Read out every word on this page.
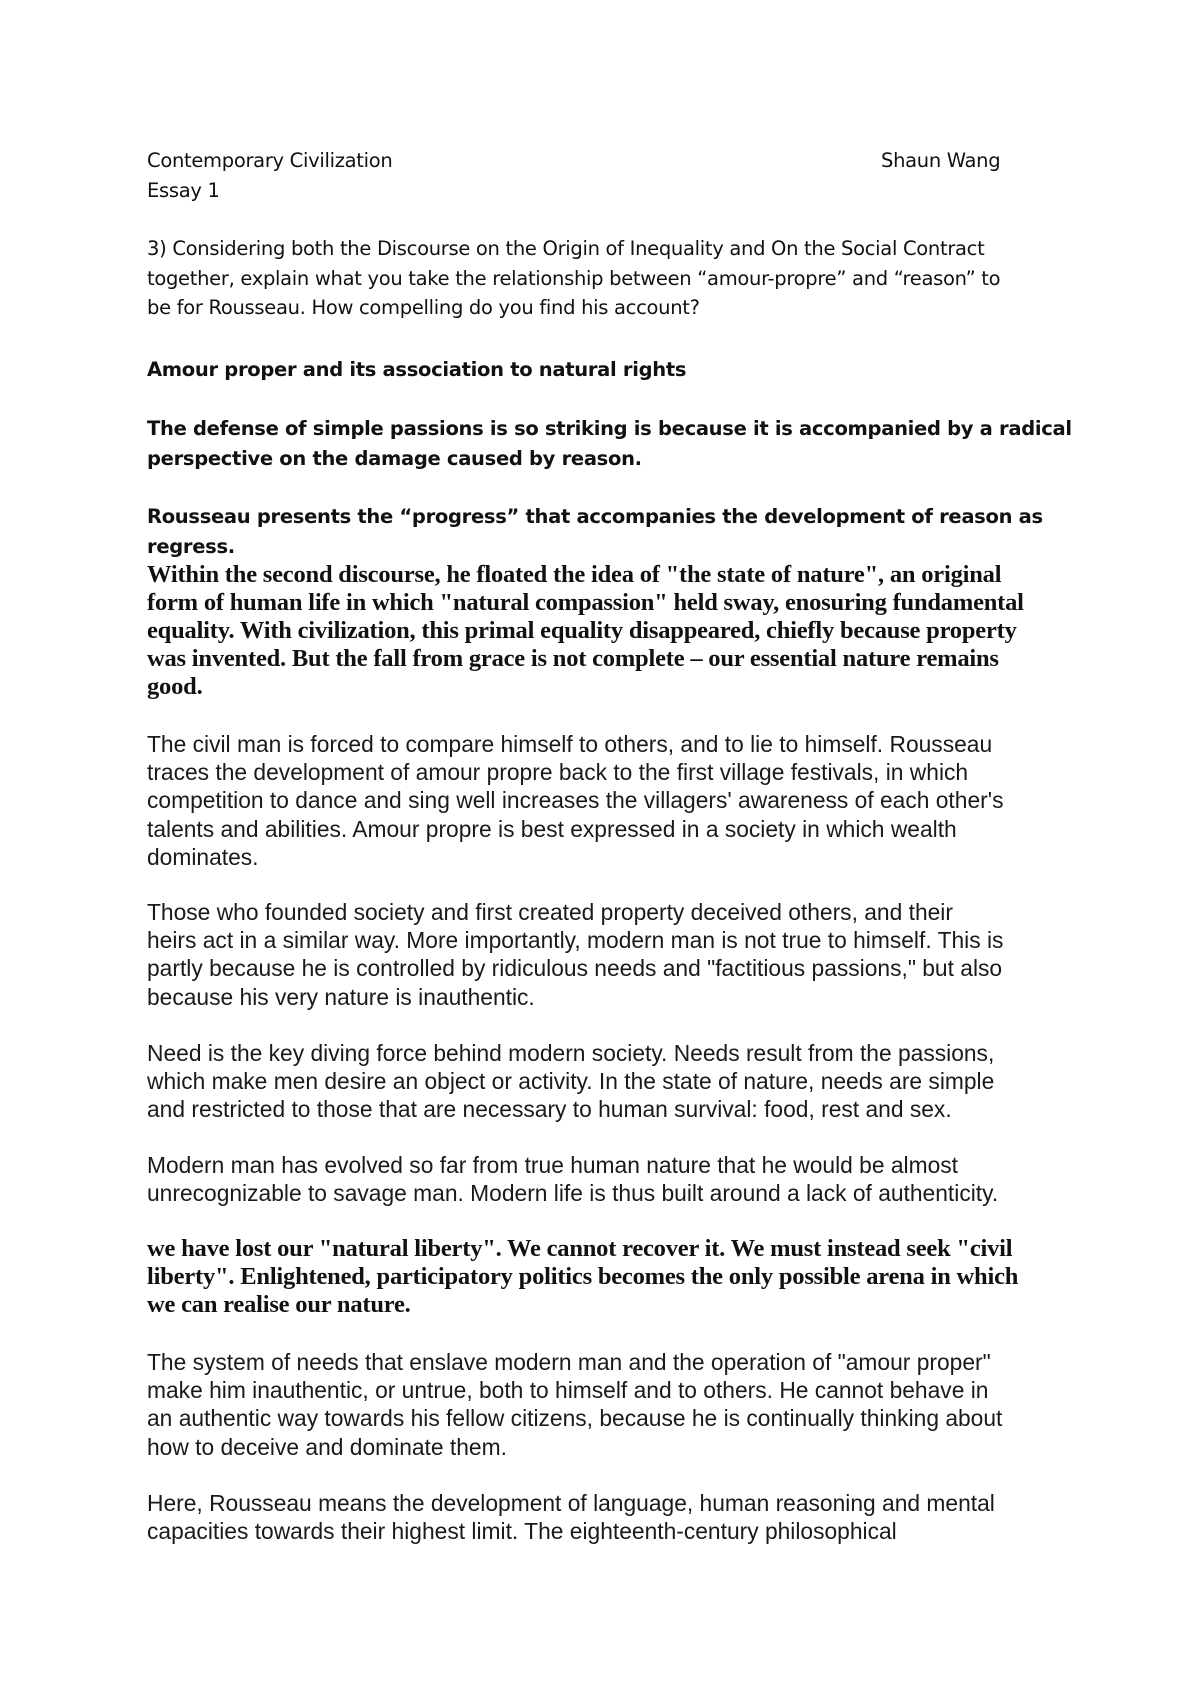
Contemporary Civilization	Shaun Wang
Essay 1
3) Considering both the Discourse on the Origin of Inequality and On the Social Contract
together, explain what you take the relationship between “amour-propre” and “reason” to
be for Rousseau. How compelling do you find his account?
Amour proper and its association to natural rights
The defense of simple passions is so striking is because it is accompanied by a radical
perspective on the damage caused by reason.
Rousseau presents the “progress” that accompanies the development of reason as regress.
Within the second discourse, he floated the idea of "the state of nature", an original
form of human life in which "natural compassion" held sway, enosuring fundamental
equality. With civilization, this primal equality disappeared, chiefly because property
was invented. But the fall from grace is not complete – our essential nature remains
good.
The civil man is forced to compare himself to others, and to lie to himself. Rousseau
traces the development of amour propre back to the first village festivals, in which
competition to dance and sing well increases the villagers' awareness of each other's
talents and abilities. Amour propre is best expressed in a society in which wealth
dominates.
Those who founded society and first created property deceived others, and their
heirs act in a similar way. More importantly, modern man is not true to himself. This is
partly because he is controlled by ridiculous needs and "factitious passions," but also
because his very nature is inauthentic.
Need is the key diving force behind modern society. Needs result from the passions,
which make men desire an object or activity. In the state of nature, needs are simple
and restricted to those that are necessary to human survival: food, rest and sex.
Modern man has evolved so far from true human nature that he would be almost
unrecognizable to savage man. Modern life is thus built around a lack of authenticity.
we have lost our "natural liberty". We cannot recover it. We must instead seek "civil
liberty". Enlightened, participatory politics becomes the only possible arena in which
we can realise our nature.
The system of needs that enslave modern man and the operation of "amour proper"
make him inauthentic, or untrue, both to himself and to others. He cannot behave in
an authentic way towards his fellow citizens, because he is continually thinking about
how to deceive and dominate them.
Here, Rousseau means the development of language, human reasoning and mental
capacities towards their highest limit. The eighteenth-century philosophical
